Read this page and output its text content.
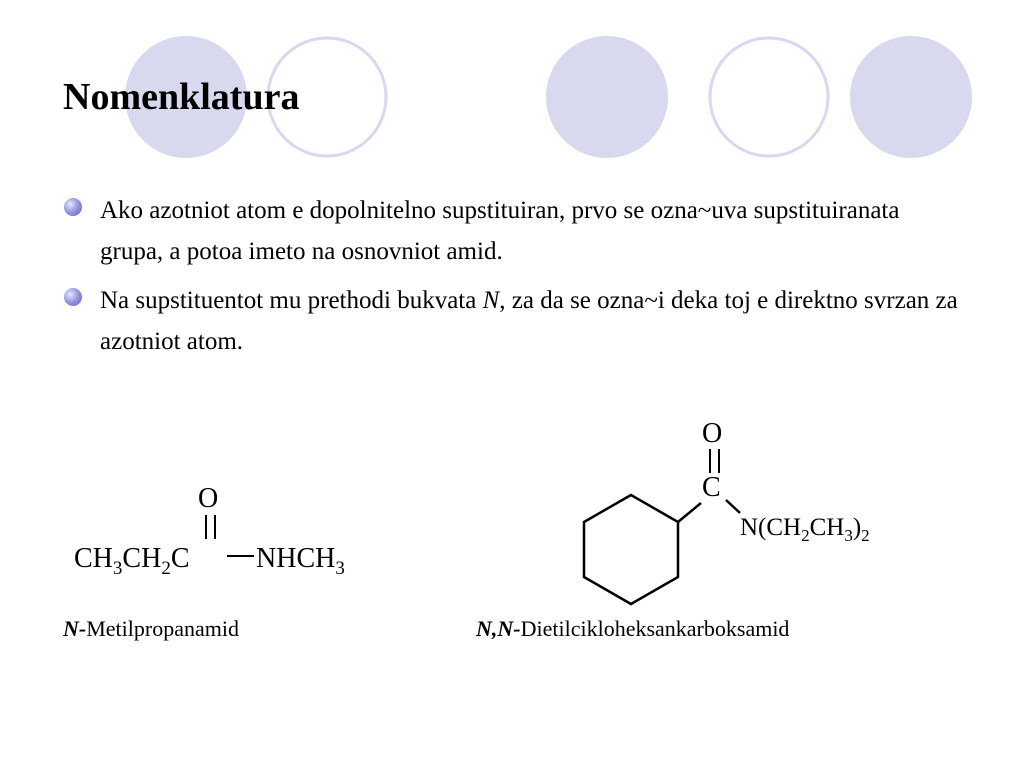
Nomenklatura
Ako azotniot atom e dopolnitelno supstituiran, prvo se ozna~uva supstituiranata grupa, a potoa imeto na osnovniot amid.
Na supstituentot mu prethodi bukvata N, za da se ozna~i deka toj e direktno svrzan za azotniot atom.
O
$CH_3CH_2C$ $NHCH_3$
O
C
$N(CH_2CH_3)_2$
N-Metilpropanamid	N,N-Dietilcikloheksankarboksamid
